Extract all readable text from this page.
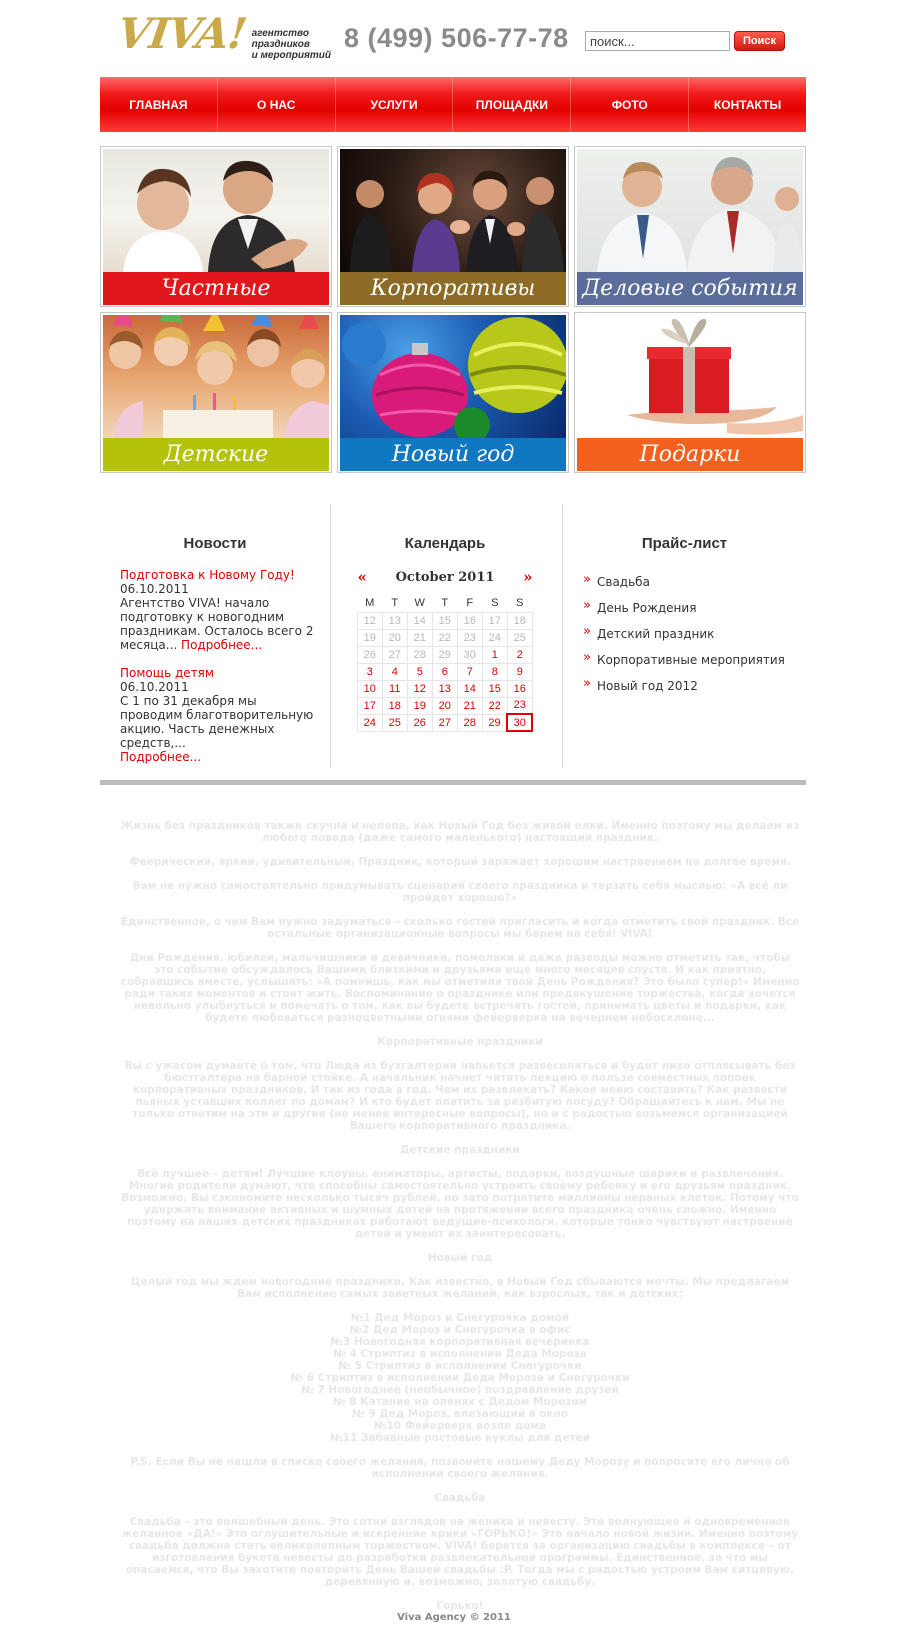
VIVA! агентство
праздников
и мероприятий
8 (499) 506-77-78
поиск...	Поиск
ГЛАВНАЯ	О НАС	УСЛУГИ	ПЛОЩАДКИ	ФОТО	КОНТАКТЫ
Частные	Корпоративы	Деловые события
Детские праздники
Новый год	Подарки
Новости
Подготовка к Новому Году!
06.10.2011
Агентство VIVA! начало подготовку к новогодним праздникам. Осталось всего 2 месяца... Подробнее...
Помощь детям
06.10.2011
С 1 по 31 декабря мы проводим благотворительную акцию. Часть денежных средств,...
Подробнее...
Календарь
« October 2011 »
M	T	W	T	F	S	S
12	13	14	15	16	17	18
19	20	21	22	23	24	25
26	27	28	29	30	1	2
3	4	5	6	7	8	9
10	11	12	13	14	15	16
17	18	19	20	21	22	23
24	25	26	27	28	29	30
Прайс-лист
» Свадьба
» День Рождения
» Детский праздник
» Корпоративные мероприятия
» Новый год 2012

Жизнь без праздников также скучна и нелепа, как Новый Год без живой елки. Именно поэтому мы делаем из любого повода (даже самого маленького) настоящий праздник.

Феерический, яркий, удивительный. Праздник, который заряжает хорошим настроением на долгое время.

Вам не нужно самостоятельно придумывать сценарий своего праздника и терзать себя мыслью: «А всё ли пройдет хорошо?»

Единственное, о чем Вам нужно задуматься – сколько гостей пригласить и когда отметить свой праздник. Все остальные организационные вопросы мы берем на себя! VIVA!

Дни Рождения, юбилеи, мальчишники и девичники, помолвки и даже разводы можно отметить так, чтобы это событие обсуждалось Вашими близкими и друзьями еще много месяцев спустя. И как приятно, собравшись вместе, услышать: «А помнишь, как мы отметили твой День Рождения? Это было супер!» Именно ради таких моментов и стоит жить. Воспоминание о празднике или предвкушение торжества, когда хочется невольно улыбнуться и помечать о том, как вы будете встречать гостей, принимать цветы и подарки, как будете любоваться разноцветными огнями фейерверка на вечернем небосклоне...

Корпоративные праздники

Вы с ужасом думаете о том, что Люда из бухгалтерии напьется развеселиться и будет лихо отплясывать без бюстгалтера на барной стойке. А начальник начнет читать лекцию о пользе совместных попоек корпоративных праздников. И так из года в год. Чем их развлекать? Какое меню составить? Как развести пьяных уставших коллег по домам? И кто будет платить за разбитую посуду? Обращайтесь к нам. Мы не только ответим на эти и другие (не менее интересные вопросы), но и с радостью возьмемся организацией Вашего корпоративного праздника.

Детские праздники

Всё лучшее – детям! Лучшие клоуны, аниматоры, артисты, подарки, воздушные шарики и развлечения. Многие родители думают, что способны самостоятельно устроить своему ребенку и его друзьям праздник. Возможно, Вы сэкономите несколько тысяч рублей, но зато потратите миллионы нервных клеток. Потому что удержать внимание активных и шумных детей на протяжении всего праздника очень сложно. Именно поэтому на наших детских праздниках работают ведущие-психологи, которые тонко чувствуют настроение детей и умеют их заинтересовать.

Новый год

Целый год мы ждем новогодние праздники. Как известно, в Новый Год сбываются мечты. Мы предлагаем Вам исполнение самых заветных желаний, как взрослых, так и детских:

№1 Дед Мороз и Снегурочка домой

№2 Дед Мороз и Снегурочка в офис

№3 Новогодняя корпоративная вечеринка

№ 4 Стриптиз в исполнении Деда Мороза

№ 5 Стриптиз в исполнении Снегурочки

№ 6 Стриптиз в исполнении Деда Мороза и Снегурочки

№ 7 Новогоднее (необычное) поздравление друзей

№ 8 Катание на оленях с Дедом Морозом

№ 9 Дед Мороз, влезающий в окно

№10 Фейерверк возле дома

№11 Забавные ростовые куклы для детей

P.S. Если Вы не нашли в списке своего желания, позвоните нашему Деду Морозу и попросите его лично об исполнении своего желания.

Свадьба

Свадьба – это волшебный день. Это сотни взглядов на жениха и невесту. Это волнующее и одновременное желанное «ДА!» Это оглушительные и искренние крики «ГОРЬКО!» Это начало новой жизни. Именно поэтому свадьба должна стать великолепным торжеством. VIVA! берется за организацию свадьбы в комплексе – от изготовления букета невесты до разработки развлекательной программы. Единственное, за что мы опасаемся, что Вы захотите повторить День Вашей свадьбы :P. Тогда мы с радостью устроим Вам ситцевую, деревянную и, возможно, золотую свадьбу.

Горько!

Viva Agency © 2011
